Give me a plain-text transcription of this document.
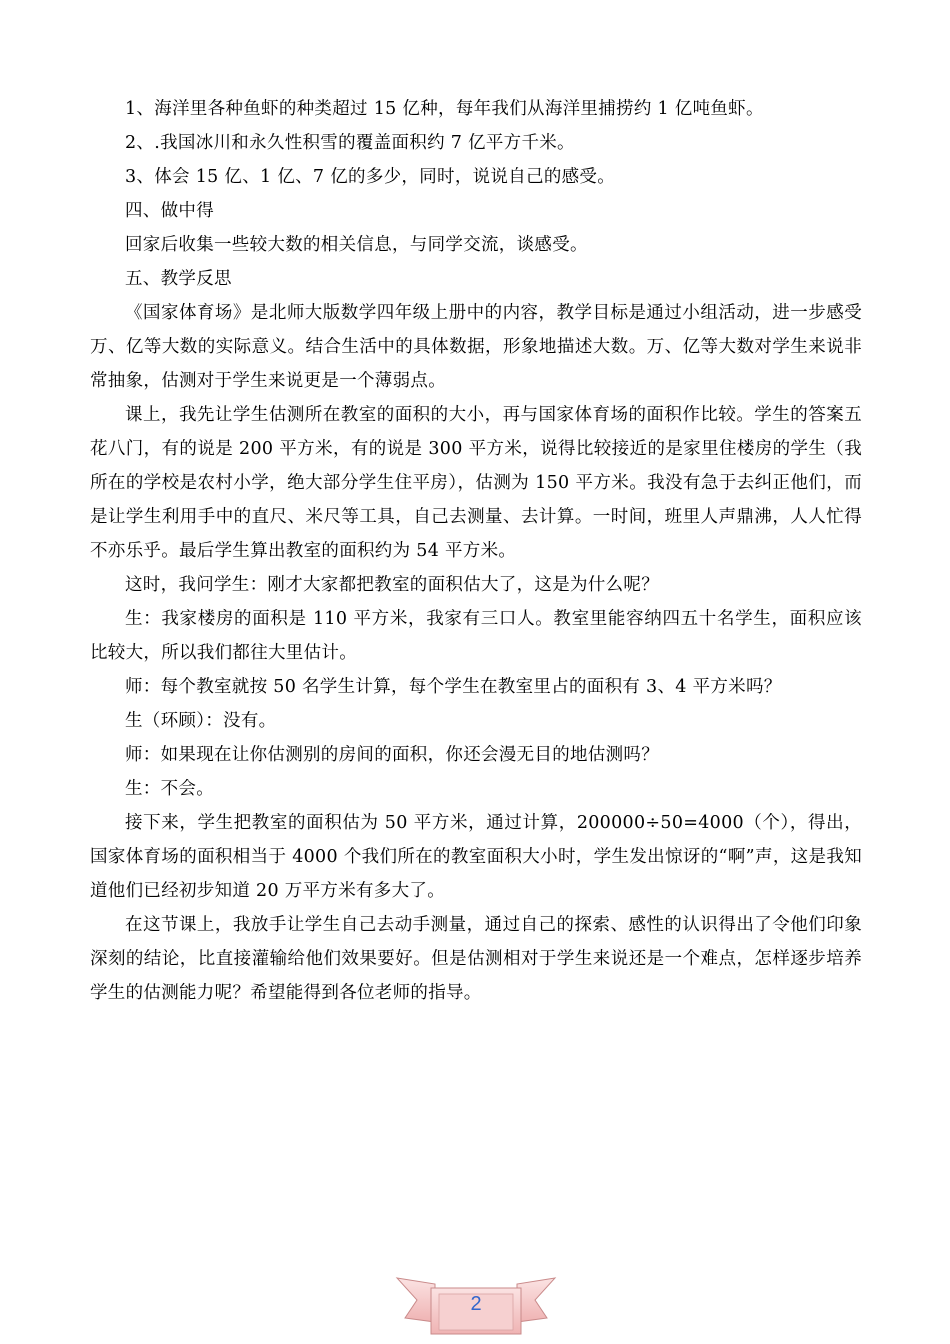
1、海洋里各种鱼虾的种类超过 15 亿种，每年我们从海洋里捕捞约 1 亿吨鱼虾。

2、.我国冰川和永久性积雪的覆盖面积约 7 亿平方千米。

3、体会 15 亿、1 亿、7 亿的多少，同时，说说自己的感受。

四、做中得

回家后收集一些较大数的相关信息，与同学交流，谈感受。

五、教学反思

《国家体育场》是北师大版数学四年级上册中的内容，教学目标是通过小组活动，进一步感受万、亿等大数的实际意义。结合生活中的具体数据，形象地描述大数。万、亿等大数对学生来说非常抽象，估测对于学生来说更是一个薄弱点。

课上，我先让学生估测所在教室的面积的大小，再与国家体育场的面积作比较。学生的答案五花八门，有的说是 200 平方米，有的说是 300 平方米，说得比较接近的是家里住楼房的学生（我所在的学校是农村小学，绝大部分学生住平房），估测为 150 平方米。我没有急于去纠正他们，而是让学生利用手中的直尺、米尺等工具，自己去测量、去计算。一时间，班里人声鼎沸，人人忙得不亦乐乎。最后学生算出教室的面积约为 54 平方米。

这时，我问学生：刚才大家都把教室的面积估大了，这是为什么呢？

生：我家楼房的面积是 110 平方米，我家有三口人。教室里能容纳四五十名学生，面积应该比较大，所以我们都往大里估计。

师：每个教室就按 50 名学生计算，每个学生在教室里占的面积有 3、4 平方米吗？

生（环顾）：没有。

师：如果现在让你估测别的房间的面积，你还会漫无目的地估测吗？

生：不会。

接下来，学生把教室的面积估为 50 平方米，通过计算，200000÷50=4000（个），得出，国家体育场的面积相当于 4000 个我们所在的教室面积大小时，学生发出惊讶的“啊”声，这是我知道他们已经初步知道 20 万平方米有多大了。

在这节课上，我放手让学生自己去动手测量，通过自己的探索、感性的认识得出了令他们印象深刻的结论，比直接灌输给他们效果要好。但是估测相对于学生来说还是一个难点，怎样逐步培养学生的估测能力呢？希望能得到各位老师的指导。

2
